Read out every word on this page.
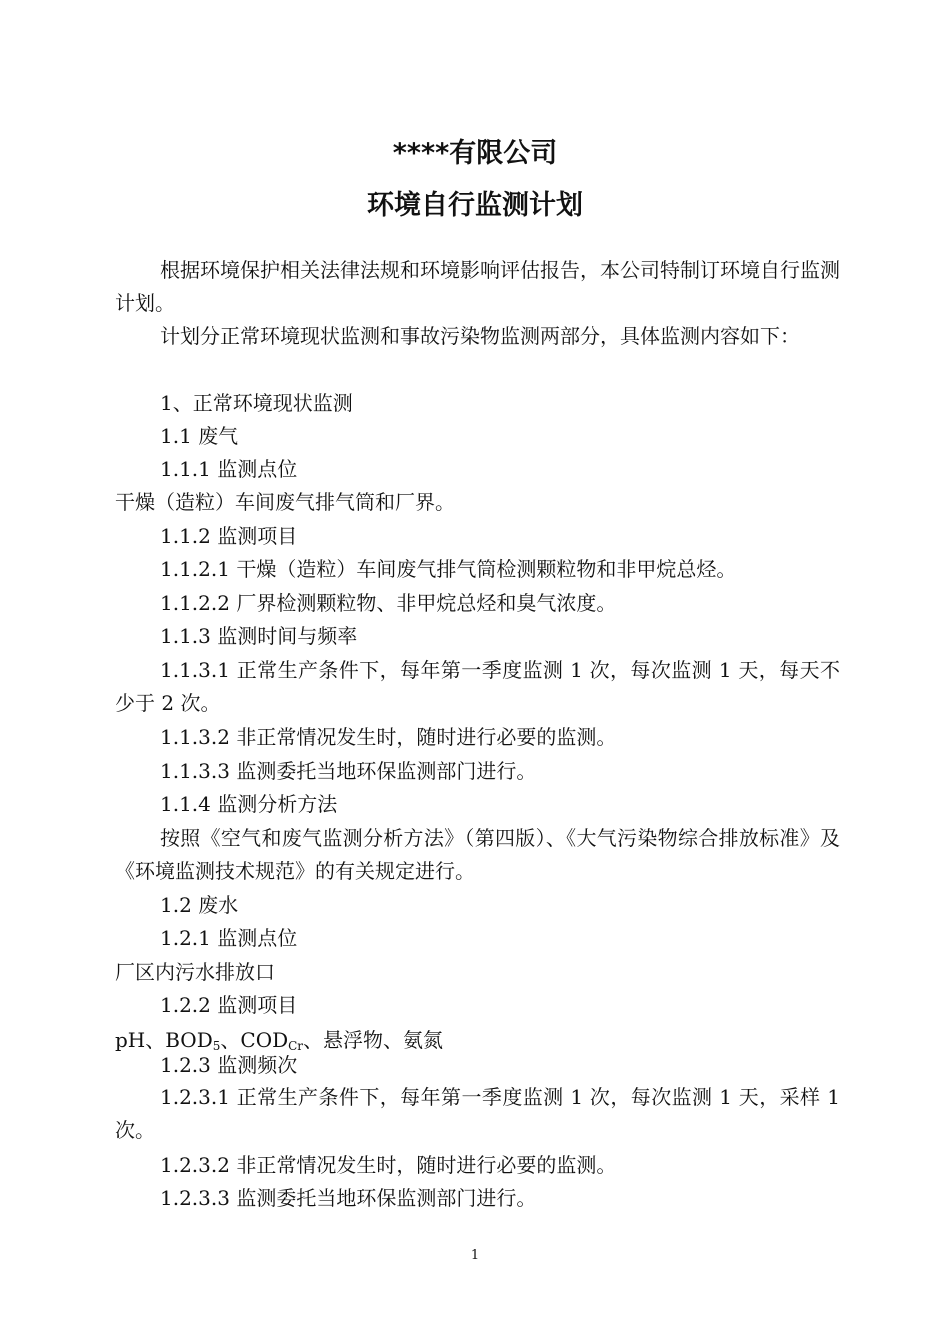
****有限公司
环境自行监测计划

根据环境保护相关法律法规和环境影响评估报告，本公司特制订环境自行监测计划。

计划分正常环境现状监测和事故污染物监测两部分，具体监测内容如下：

1、正常环境现状监测

1.1 废气

1.1.1 监测点位

干燥（造粒）车间废气排气筒和厂界。

1.1.2 监测项目

1.1.2.1 干燥（造粒）车间废气排气筒检测颗粒物和非甲烷总烃。

1.1.2.2 厂界检测颗粒物、非甲烷总烃和臭气浓度。

1.1.3 监测时间与频率

1.1.3.1 正常生产条件下，每年第一季度监测 1 次，每次监测 1 天，每天不少于 2 次。

1.1.3.2 非正常情况发生时，随时进行必要的监测。

1.1.3.3 监测委托当地环保监测部门进行。

1.1.4 监测分析方法

按照《空气和废气监测分析方法》（第四版）、《大气污染物综合排放标准》及《环境监测技术规范》的有关规定进行。

1.2 废水

1.2.1 监测点位

厂区内污水排放口

1.2.2 监测项目

pH、$BOD_5$、$COD_{Cr}$、悬浮物、氨氮

1.2.3 监测频次

1.2.3.1 正常生产条件下，每年第一季度监测 1 次，每次监测 1 天，采样 1 次。

1.2.3.2 非正常情况发生时，随时进行必要的监测。

1.2.3.3 监测委托当地环保监测部门进行。

1
